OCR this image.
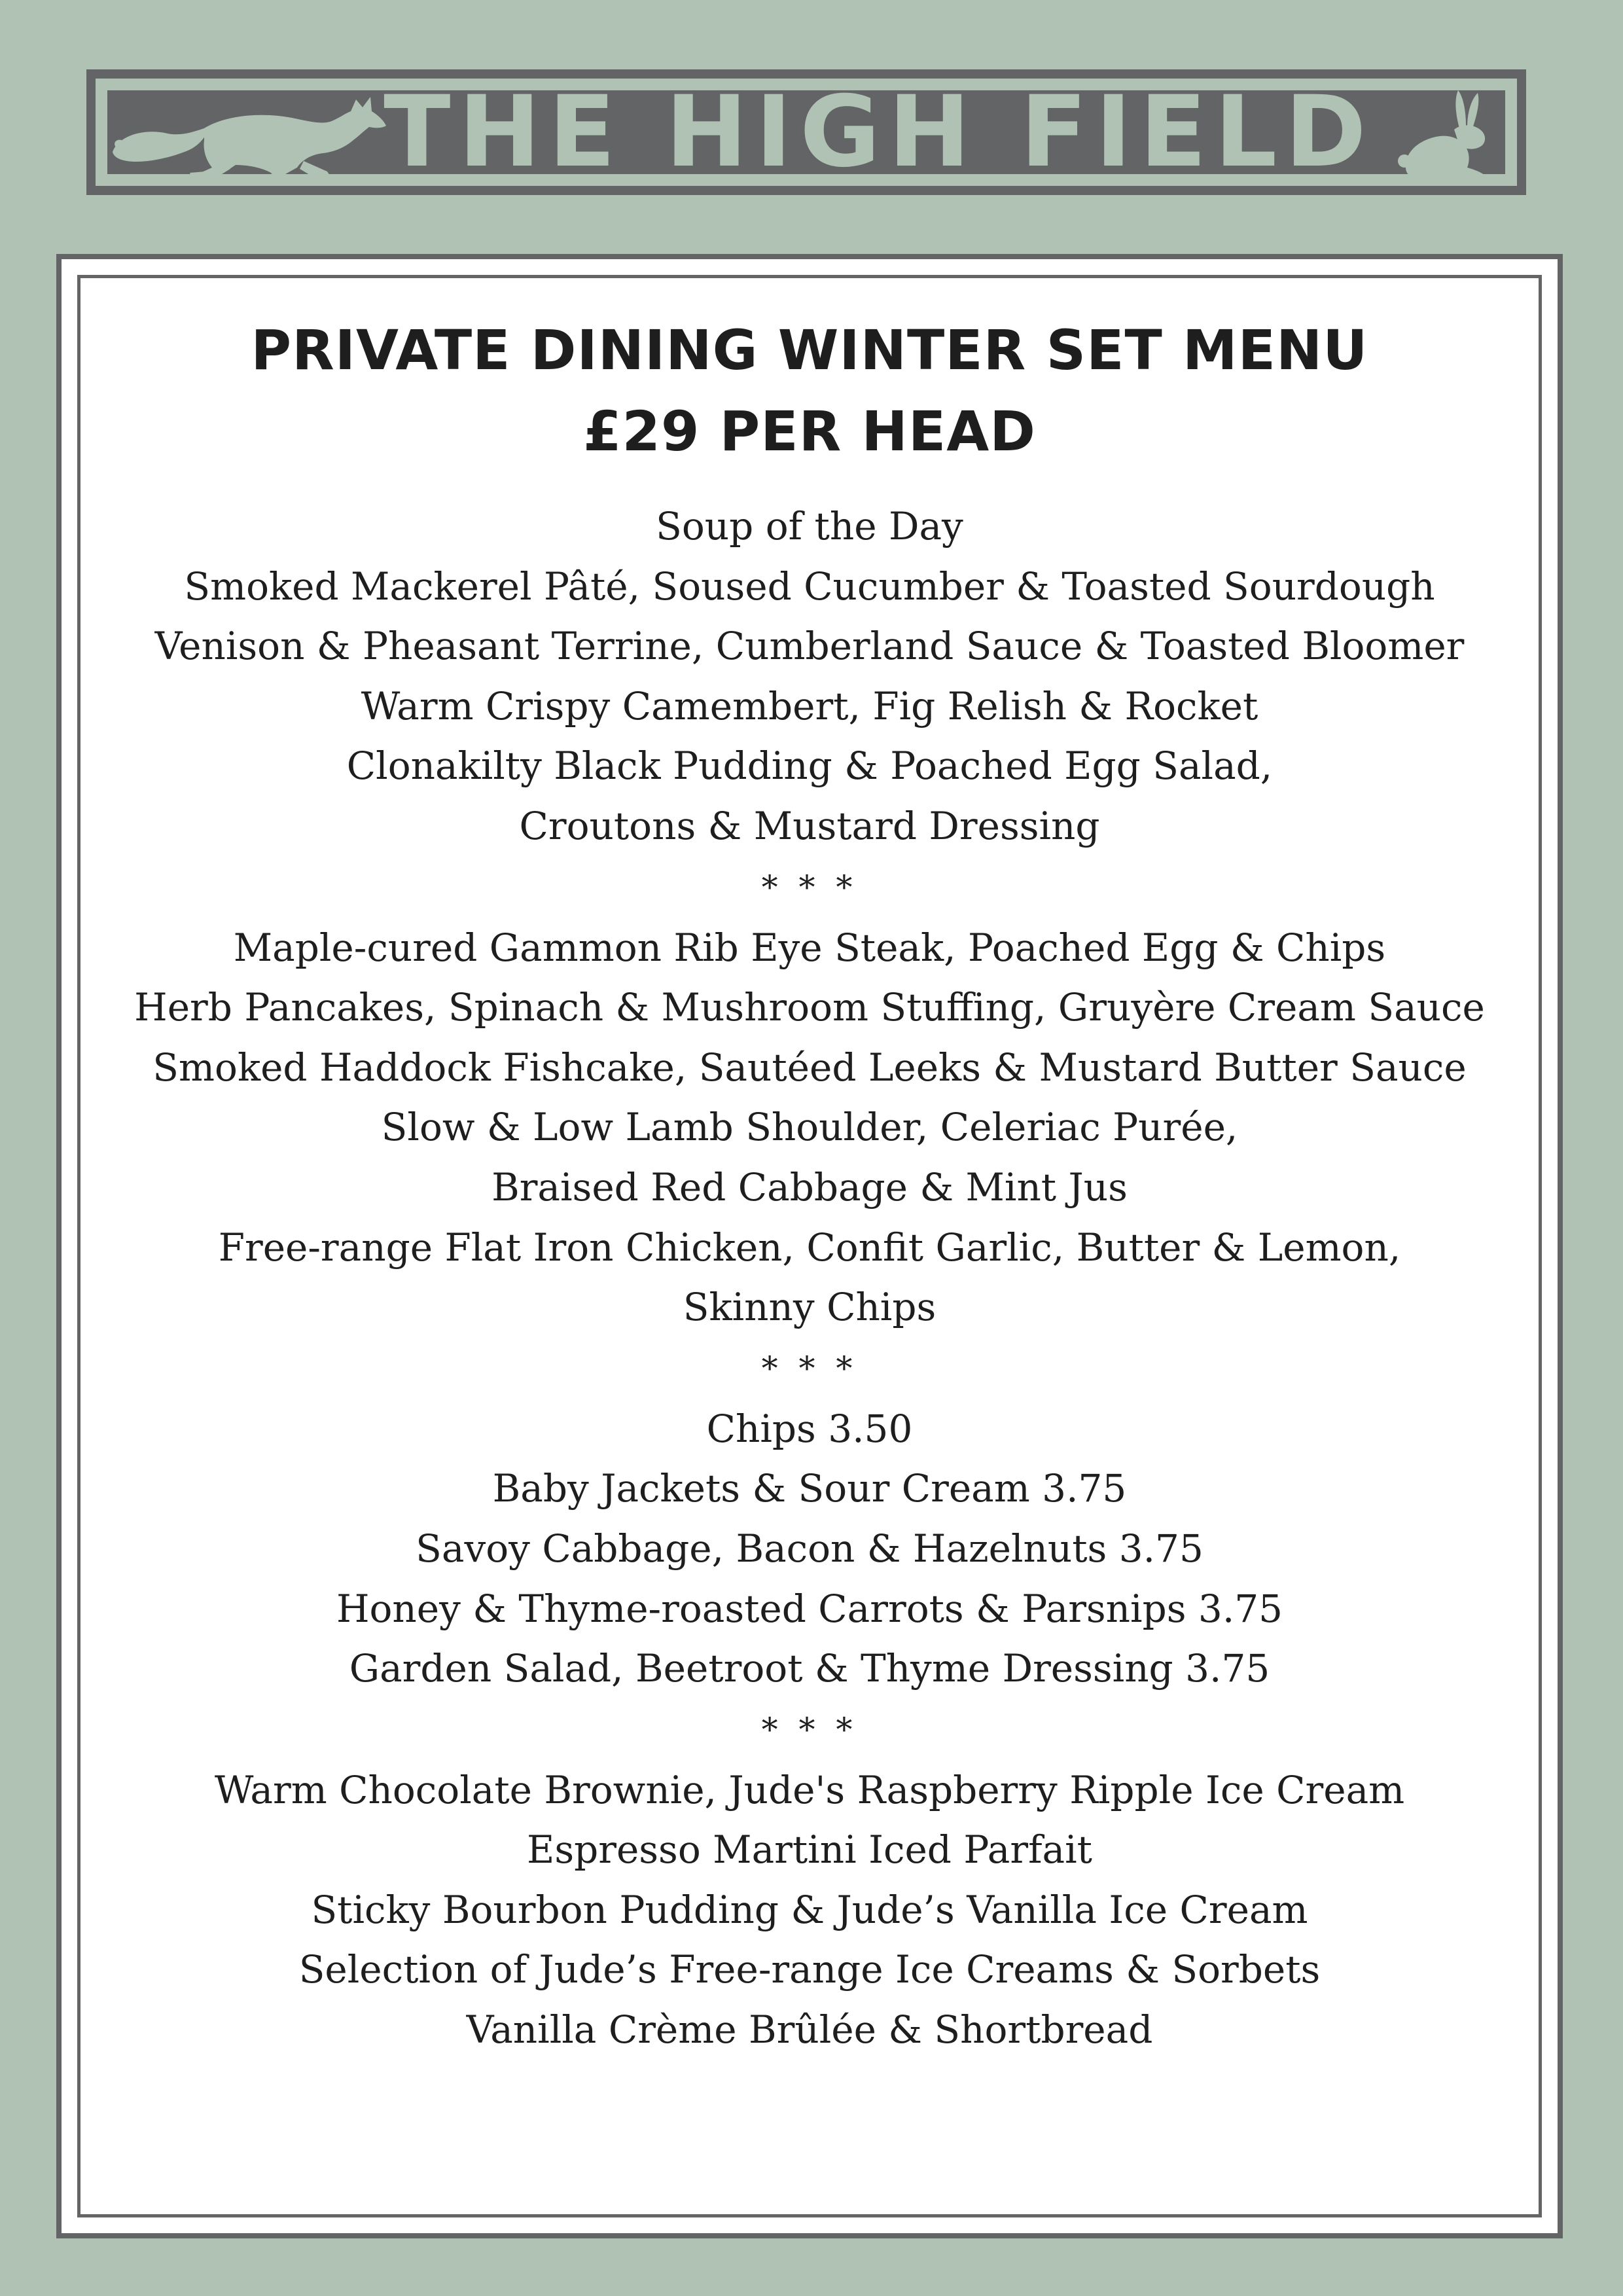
THE HIGH FIELD
PRIVATE DINING WINTER SET MENU
£29 PER HEAD
Soup of the Day
Smoked Mackerel Pâté, Soused Cucumber & Toasted Sourdough
Venison & Pheasant Terrine, Cumberland Sauce & Toasted Bloomer
Warm Crispy Camembert, Fig Relish & Rocket
Clonakilty Black Pudding & Poached Egg Salad,
Croutons & Mustard Dressing
* * *
Maple-cured Gammon Rib Eye Steak, Poached Egg & Chips
Herb Pancakes, Spinach & Mushroom Stuffing, Gruyère Cream Sauce
Smoked Haddock Fishcake, Sautéed Leeks & Mustard Butter Sauce
Slow & Low Lamb Shoulder, Celeriac Purée,
Braised Red Cabbage & Mint Jus
Free-range Flat Iron Chicken, Confit Garlic, Butter & Lemon,
Skinny Chips
* * *
Chips 3.50
Baby Jackets & Sour Cream 3.75
Savoy Cabbage, Bacon & Hazelnuts 3.75
Honey & Thyme-roasted Carrots & Parsnips 3.75
Garden Salad, Beetroot & Thyme Dressing 3.75
* * *
Warm Chocolate Brownie, Jude's Raspberry Ripple Ice Cream
Espresso Martini Iced Parfait
Sticky Bourbon Pudding & Jude’s Vanilla Ice Cream
Selection of Jude’s Free-range Ice Creams & Sorbets
Vanilla Crème Brûlée & Shortbread
